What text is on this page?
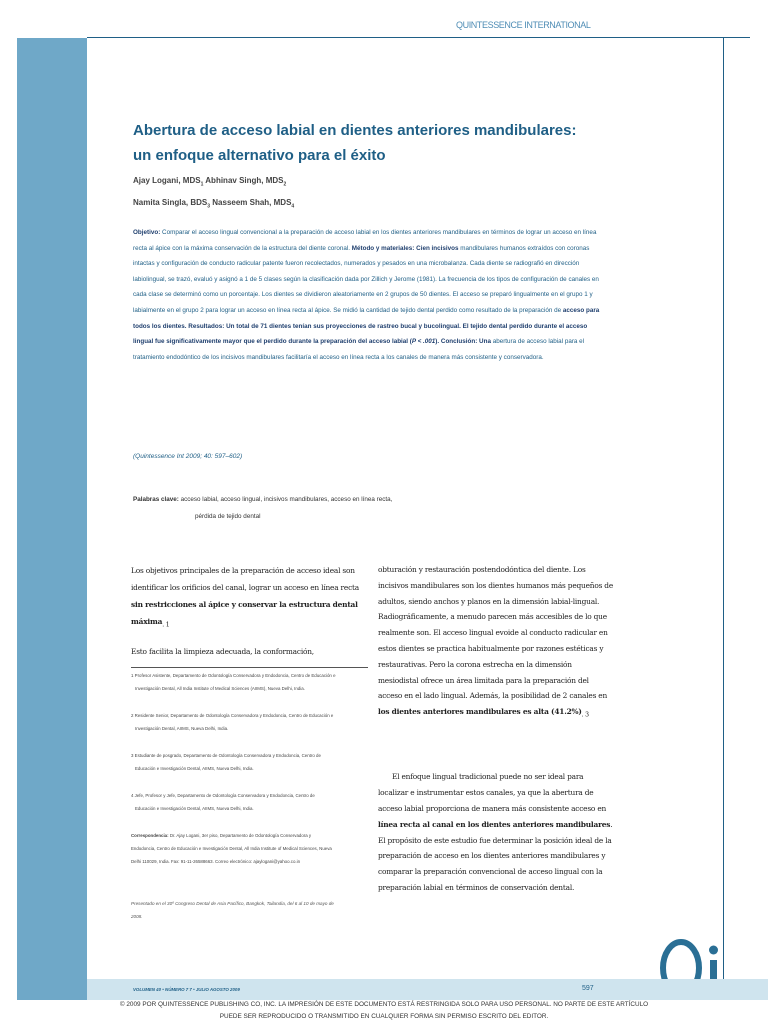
QUINTESSENCE INTERNATIONAL
Abertura de acceso labial en dientes anteriores mandibulares:
un enfoque alternativo para el éxito
Ajay Logani, $MDS_1$ Abhinav Singh, $MDS_2$
Namita Singla, $BDS_3$ Nasseem Shah, $MDS_4$
Objetivo: Comparar el acceso lingual convencional a la preparación de acceso labial en los dientes anteriores mandibulares en términos de lograr un acceso en línea recta al ápice con la máxima conservación de la estructura del diente coronal. Método y materiales: Cien incisivos mandibulares humanos extraídos con coronas intactas y configuración de conducto radicular patente fueron recolectados, numerados y pesados en una microbalanza. Cada diente se radiografió en dirección labiolingual, se trazó, evaluó y asignó a 1 de 5 clases según la clasificación dada por Zillich y Jerome (1981). La frecuencia de los tipos de configuración de canales en cada clase se determinó como un porcentaje. Los dientes se dividieron aleatoriamente en 2 grupos de 50 dientes. El acceso se preparó lingualmente en el grupo 1 y labialmente en el grupo 2 para lograr un acceso en línea recta al ápice. Se midió la cantidad de tejido dental perdido como resultado de la preparación de acceso para todos los dientes. Resultados: Un total de 71 dientes tenían sus proyecciones de rastreo bucal y bucolingual. El tejido dental perdido durante el acceso lingual fue significativamente mayor que el perdido durante la preparación del acceso labial (P < .001). Conclusión: Una abertura de acceso labial para el tratamiento endodóntico de los incisivos mandibulares facilitaría el acceso en línea recta a los canales de manera más consistente y conservadora.
(Quintessence Int 2009; 40: 597–602)
Palabras clave: acceso labial, acceso lingual, incisivos mandibulares, acceso en línea recta,
pérdida de tejido dental

Los objetivos principales de la preparación de acceso ideal son identificar los orificios del canal, lograr un acceso en línea recta sin restricciones al ápice y conservar la estructura dental máxima$_{. 1}$

Esto facilita la limpieza adecuada, la conformación,

obturación y restauración postendodóntica del diente. Los incisivos mandibulares son los dientes humanos más pequeños de adultos, siendo anchos y planos en la dimensión labial-lingual. Radiográficamente, a menudo parecen más accesibles de lo que realmente son. El acceso lingual evoide al conducto radicular en estos dientes se practica habitualmente por razones estéticas y restaurativas. Pero la corona estrecha en la dimensión mesiodistal ofrece un área limitada para la preparación del acceso en el lado lingual. Además, la posibilidad de 2 canales en los dientes anteriores mandibulares es alta $(41.2\%)_{. 3}$

El enfoque lingual tradicional puede no ser ideal para localizar e instrumentar estos canales, ya que la abertura de acceso labial proporciona de manera más consistente acceso en línea recta al canal en los dientes anteriores mandibulares. El propósito de este estudio fue determinar la posición ideal de la preparación de acceso en los dientes anteriores mandibulares y comparar la preparación convencional de acceso lingual con la preparación labial en términos de conservación dental.

1 Profesor Asistente, Departamento de Odontología Conservadora y Endodoncia, Centro de Educación e

Investigación Dental, All India Institute of Medical Sciences (AIIMS), Nueva Delhi, India.

2 Residente Senior, Departamento de Odontología Conservadora y Endodoncia, Centro de Educación e

Investigación Dental, AIIMS, Nueva Delhi, India.

3 Estudiante de posgrado, Departamento de Odontología Conservadora y Endodoncia, Centro de

Educación e Investigación Dental, AIIMS, Nueva Delhi, India.

4 Jefe, Profesor y Jefe, Departamento de Odontología Conservadora y Endodoncia, Centro de

Educación e Investigación Dental, AIIMS, Nueva Delhi, India.

Correspondencia: Dr. Ajay Logani, 3er piso, Departamento de Odontología Conservadora y

Endodoncia, Centro de Educación e Investigación Dental, All India Institute of Medical Sciences, Nueva

Delhi 110029, India. Fax: 91-11-26588663. Correo electrónico: ajaylogani@yahoo.co.in

Presentado en el 30º Congreso Dental de Asia Pacífico, Bangkok, Tailandia, del 6 al 10 de mayo de
2008.
VOLUMEN 40 • NÚMERO 7 7 • JULIO AGOSTO 2009	597
© 2009 POR QUINTESSENCE PUBLISHING CO, INC. LA IMPRESIÓN DE ESTE DOCUMENTO ESTÁ RESTRINGIDA SOLO PARA USO PERSONAL. NO PARTE DE ESTE ARTÍCULO
PUEDE SER REPRODUCIDO O TRANSMITIDO EN CUALQUIER FORMA SIN PERMISO ESCRITO DEL EDITOR.
